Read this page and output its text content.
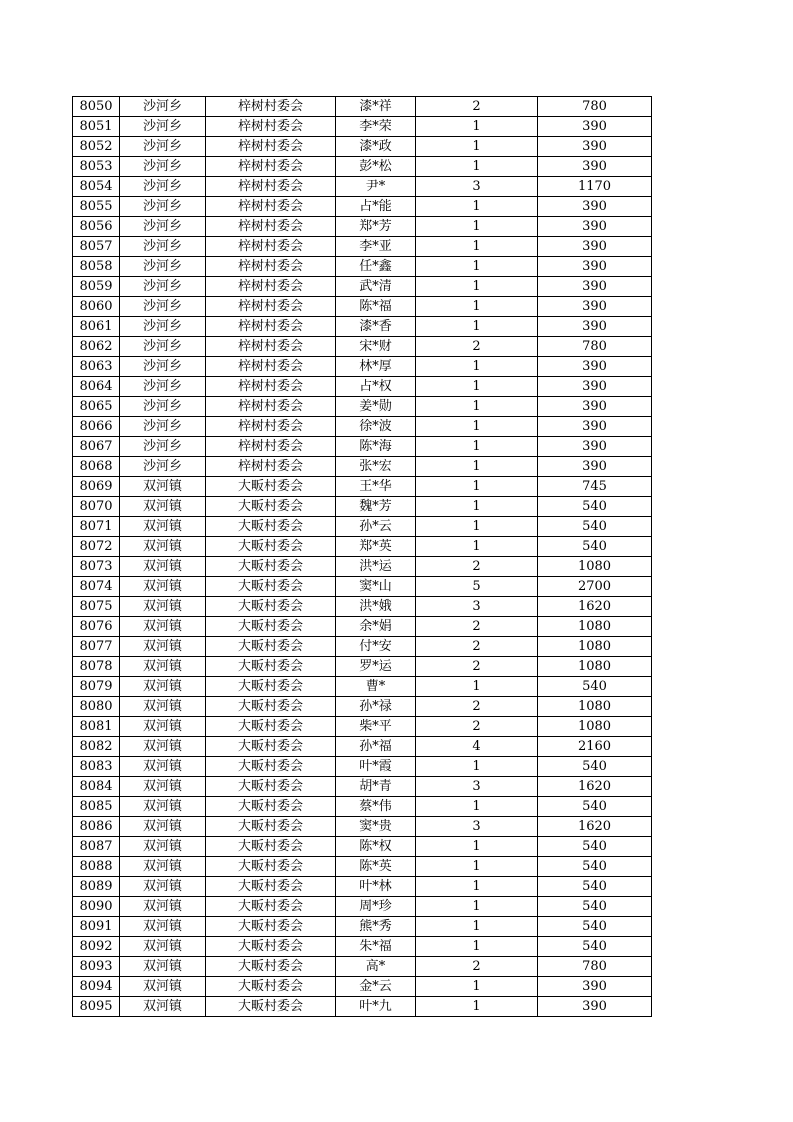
8050	沙河乡	梓树村委会	漆*祥	2	780
8051	沙河乡	梓树村委会	李*荣	1	390
8052	沙河乡	梓树村委会	漆*政	1	390
8053	沙河乡	梓树村委会	彭*松	1	390
8054	沙河乡	梓树村委会	尹*	3	1170
8055	沙河乡	梓树村委会	占*能	1	390
8056	沙河乡	梓树村委会	郑*芳	1	390
8057	沙河乡	梓树村委会	李*亚	1	390
8058	沙河乡	梓树村委会	任*鑫	1	390
8059	沙河乡	梓树村委会	武*清	1	390
8060	沙河乡	梓树村委会	陈*福	1	390
8061	沙河乡	梓树村委会	漆*香	1	390
8062	沙河乡	梓树村委会	宋*财	2	780
8063	沙河乡	梓树村委会	林*厚	1	390
8064	沙河乡	梓树村委会	占*权	1	390
8065	沙河乡	梓树村委会	姜*勋	1	390
8066	沙河乡	梓树村委会	徐*波	1	390
8067	沙河乡	梓树村委会	陈*海	1	390
8068	沙河乡	梓树村委会	张*宏	1	390
8069	双河镇	大畈村委会	王*华	1	745
8070	双河镇	大畈村委会	魏*芳	1	540
8071	双河镇	大畈村委会	孙*云	1	540
8072	双河镇	大畈村委会	郑*英	1	540
8073	双河镇	大畈村委会	洪*运	2	1080
8074	双河镇	大畈村委会	窦*山	5	2700
8075	双河镇	大畈村委会	洪*娥	3	1620
8076	双河镇	大畈村委会	余*娟	2	1080
8077	双河镇	大畈村委会	付*安	2	1080
8078	双河镇	大畈村委会	罗*运	2	1080
8079	双河镇	大畈村委会	曹*	1	540
8080	双河镇	大畈村委会	孙*禄	2	1080
8081	双河镇	大畈村委会	柴*平	2	1080
8082	双河镇	大畈村委会	孙*福	4	2160
8083	双河镇	大畈村委会	叶*霞	1	540
8084	双河镇	大畈村委会	胡*青	3	1620
8085	双河镇	大畈村委会	蔡*伟	1	540
8086	双河镇	大畈村委会	窦*贵	3	1620
8087	双河镇	大畈村委会	陈*权	1	540
8088	双河镇	大畈村委会	陈*英	1	540
8089	双河镇	大畈村委会	叶*林	1	540
8090	双河镇	大畈村委会	周*珍	1	540
8091	双河镇	大畈村委会	熊*秀	1	540
8092	双河镇	大畈村委会	朱*福	1	540
8093	双河镇	大畈村委会	高*	2	780
8094	双河镇	大畈村委会	金*云	1	390
8095	双河镇	大畈村委会	叶*九	1	390
